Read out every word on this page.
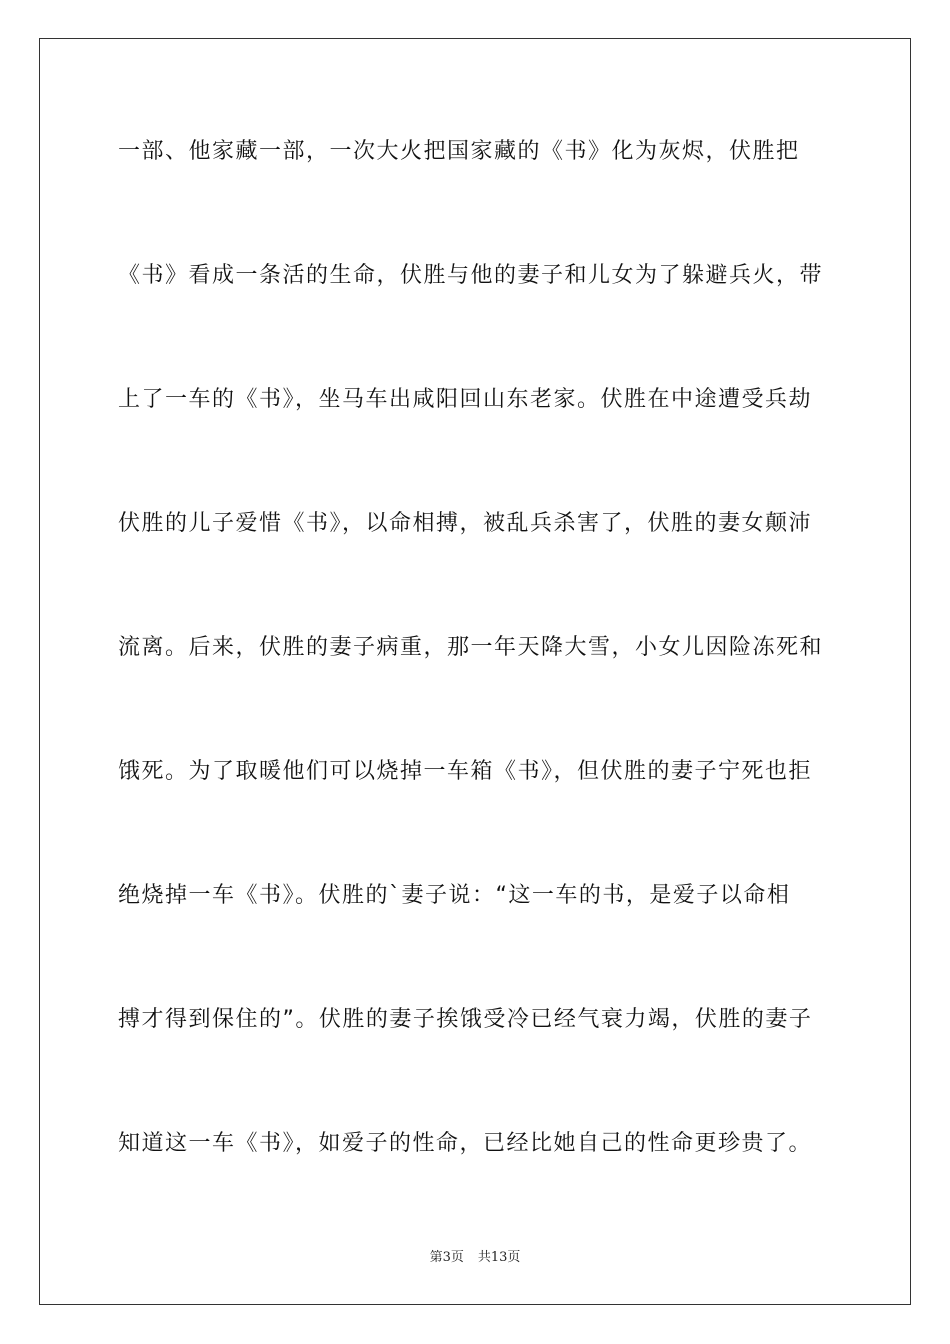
一部、他家藏一部，一次大火把国家藏的《书》化为灰烬，伏胜把
《书》看成一条活的生命，伏胜与他的妻子和儿女为了躲避兵火，带
上了一车的《书》，坐马车出咸阳回山东老家。伏胜在中途遭受兵劫
伏胜的儿子爱惜《书》，以命相搏，被乱兵杀害了，伏胜的妻女颠沛
流离。后来，伏胜的妻子病重，那一年天降大雪，小女儿因险冻死和
饿死。为了取暖他们可以烧掉一车箱《书》，但伏胜的妻子宁死也拒
绝烧掉一车《书》。伏胜的`妻子说：“这一车的书，是爱子以命相
搏才得到保住的”。伏胜的妻子挨饿受冷已经气衰力竭，伏胜的妻子
知道这一车《书》，如爱子的性命，已经比她自己的性命更珍贵了。
第3页 共13页
